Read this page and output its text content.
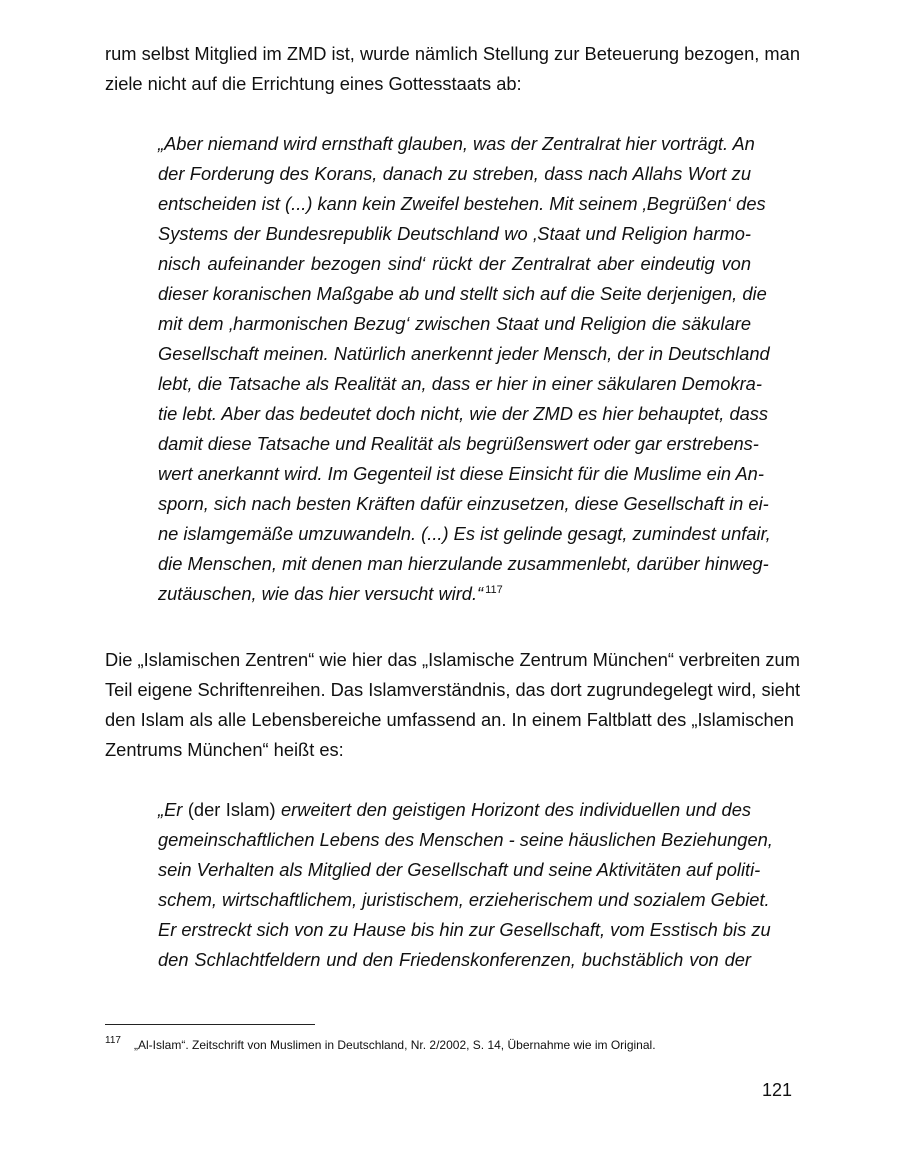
rum selbst Mitglied im ZMD ist, wurde nämlich Stellung zur Beteuerung bezogen, man
ziele nicht auf die Errichtung eines Gottesstaats ab:
„Aber niemand wird ernsthaft glauben, was der Zentralrat hier vorträgt. An
der Forderung des Korans, danach zu streben, dass nach Allahs Wort zu
entscheiden ist (...) kann kein Zweifel bestehen. Mit seinem ‚Begrüßen‘ des
Systems der Bundesrepublik Deutschland wo ‚Staat und Religion harmo-
nisch aufeinander bezogen sind‘ rückt der Zentralrat aber eindeutig von
dieser koranischen Maßgabe ab und stellt sich auf die Seite derjenigen, die
mit dem ‚harmonischen Bezug‘ zwischen Staat und Religion die säkulare
Gesellschaft meinen. Natürlich anerkennt jeder Mensch, der in Deutschland
lebt, die Tatsache als Realität an, dass er hier in einer säkularen Demokra-
tie lebt. Aber das bedeutet doch nicht, wie der ZMD es hier behauptet, dass
damit diese Tatsache und Realität als begrüßenswert oder gar erstrebens-
wert anerkannt wird. Im Gegenteil ist diese Einsicht für die Muslime ein An-
sporn, sich nach besten Kräften dafür einzusetzen, diese Gesellschaft in ei-
ne islamgemäße umzuwandeln. (...) Es ist gelinde gesagt, zumindest unfair,
die Menschen, mit denen man hierzulande zusammenlebt, darüber hinweg-
zutäuschen, wie das hier versucht wird.“ $^{117}$
Die „Islamischen Zentren“ wie hier das „Islamische Zentrum München“ verbreiten zum
Teil eigene Schriftenreihen. Das Islamverständnis, das dort zugrundegelegt wird, sieht
den Islam als alle Lebensbereiche umfassend an. In einem Faltblatt des „Islamischen
Zentrums München“ heißt es:
„Er (der Islam) erweitert den geistigen Horizont des individuellen und des
gemeinschaftlichen Lebens des Menschen - seine häuslichen Beziehungen,
sein Verhalten als Mitglied der Gesellschaft und seine Aktivitäten auf politi-
schem, wirtschaftlichem, juristischem, erzieherischem und sozialem Gebiet.
Er erstreckt sich von zu Hause bis hin zur Gesellschaft, vom Esstisch bis zu
den Schlachtfeldern und den Friedenskonferenzen, buchstäblich von der
117 „Al-Islam“. Zeitschrift von Muslimen in Deutschland, Nr. 2/2002, S. 14, Übernahme wie im Original.
121
